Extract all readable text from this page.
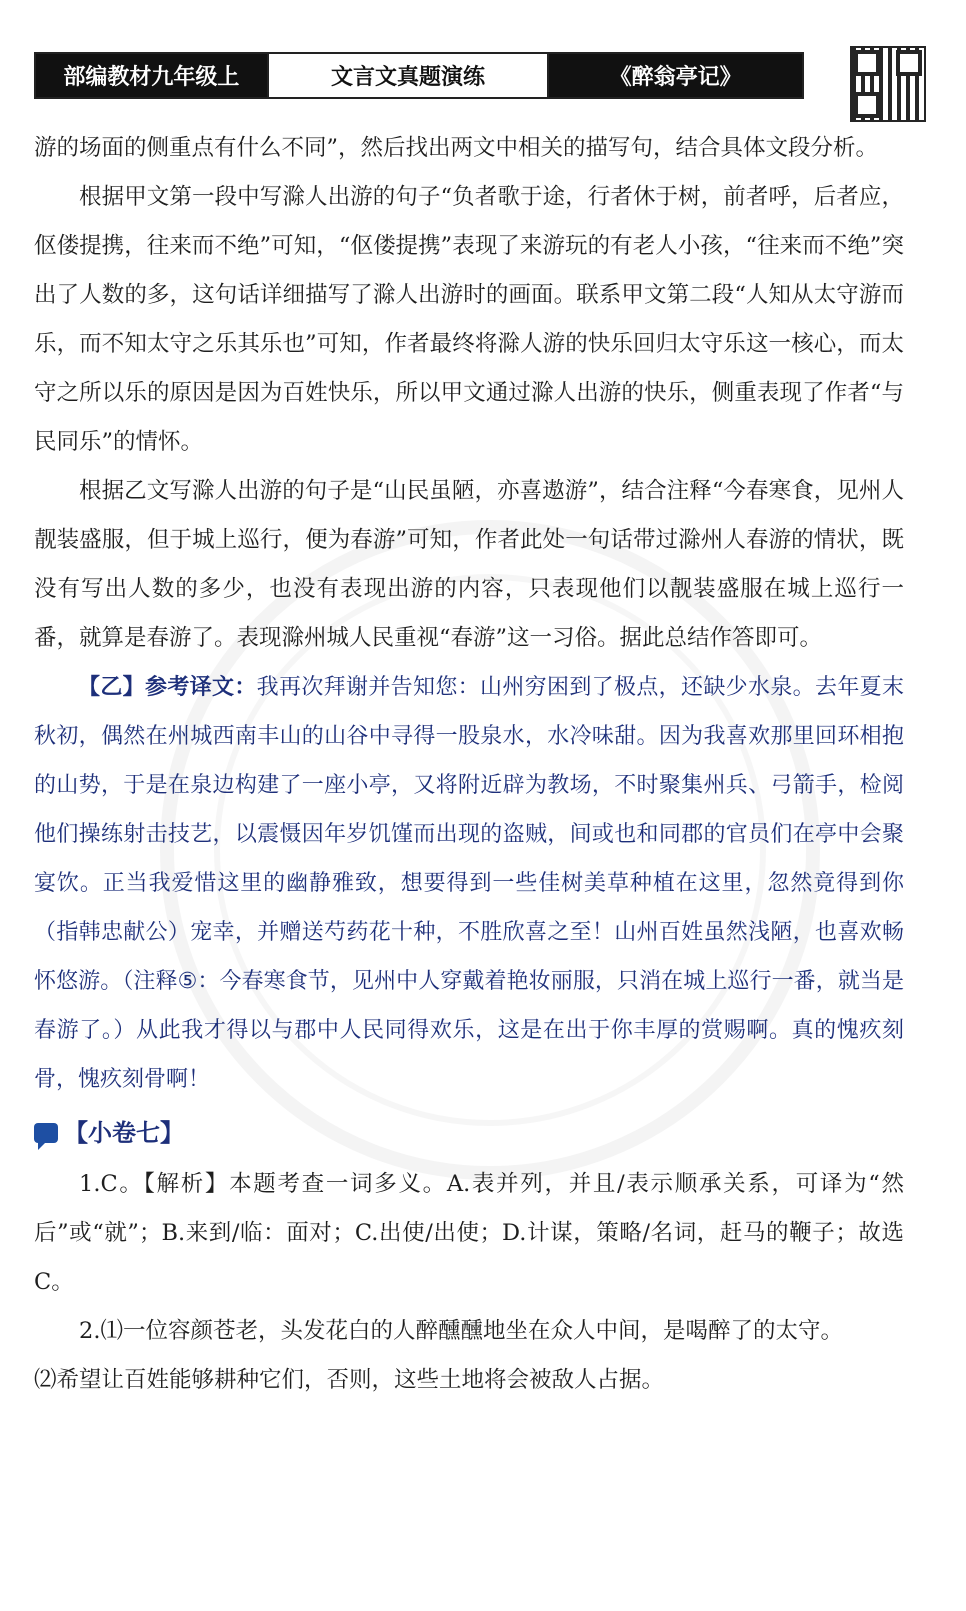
部编教材九年级上	文言文真题演练	《醉翁亭记》

游的场面的侧重点有什么不同”，然后找出两文中相关的描写句，结合具体文段分析。

根据甲文第一段中写滁人出游的句子“负者歌于途，行者休于树，前者呼，后者应，伛偻提携，往来而不绝”可知，“伛偻提携”表现了来游玩的有老人小孩，“往来而不绝”突出了人数的多，这句话详细描写了滁人出游时的画面。联系甲文第二段“人知从太守游而乐，而不知太守之乐其乐也”可知，作者最终将滁人游的快乐回归太守乐这一核心，而太守之所以乐的原因是因为百姓快乐，所以甲文通过滁人出游的快乐，侧重表现了作者“与民同乐”的情怀。

根据乙文写滁人出游的句子是“山民虽陋，亦喜遨游”，结合注释“今春寒食，见州人靓装盛服，但于城上巡行，便为春游”可知，作者此处一句话带过滁州人春游的情状，既没有写出人数的多少，也没有表现出游的内容，只表现他们以靓装盛服在城上巡行一番，就算是春游了。表现滁州城人民重视“春游”这一习俗。据此总结作答即可。

【乙】参考译文：我再次拜谢并告知您：山州穷困到了极点，还缺少水泉。去年夏末秋初，偶然在州城西南丰山的山谷中寻得一股泉水，水冷味甜。因为我喜欢那里回环相抱的山势，于是在泉边构建了一座小亭，又将附近辟为教场，不时聚集州兵、弓箭手，检阅他们操练射击技艺，以震慑因年岁饥馑而出现的盗贼，间或也和同郡的官员们在亭中会聚宴饮。正当我爱惜这里的幽静雅致，想要得到一些佳树美草种植在这里，忽然竟得到你（指韩忠献公）宠幸，并赠送芍药花十种，不胜欣喜之至！山州百姓虽然浅陋，也喜欢畅怀悠游。（注释⑤：今春寒食节，见州中人穿戴着艳妆丽服，只消在城上巡行一番，就当是春游了。）从此我才得以与郡中人民同得欢乐，这是在出于你丰厚的赏赐啊。真的愧疚刻骨，愧疚刻骨啊！

【小卷七】

1.C。【解析】本题考查一词多义。A.表并列，并且/表示顺承关系，可译为“然后”或“就”；B.来到/临：面对；C.出使/出使；D.计谋，策略/名词，赶马的鞭子；故选C。

2.⑴一位容颜苍老，头发花白的人醉醺醺地坐在众人中间，是喝醉了的太守。

⑵希望让百姓能够耕种它们，否则，这些土地将会被敌人占据。
